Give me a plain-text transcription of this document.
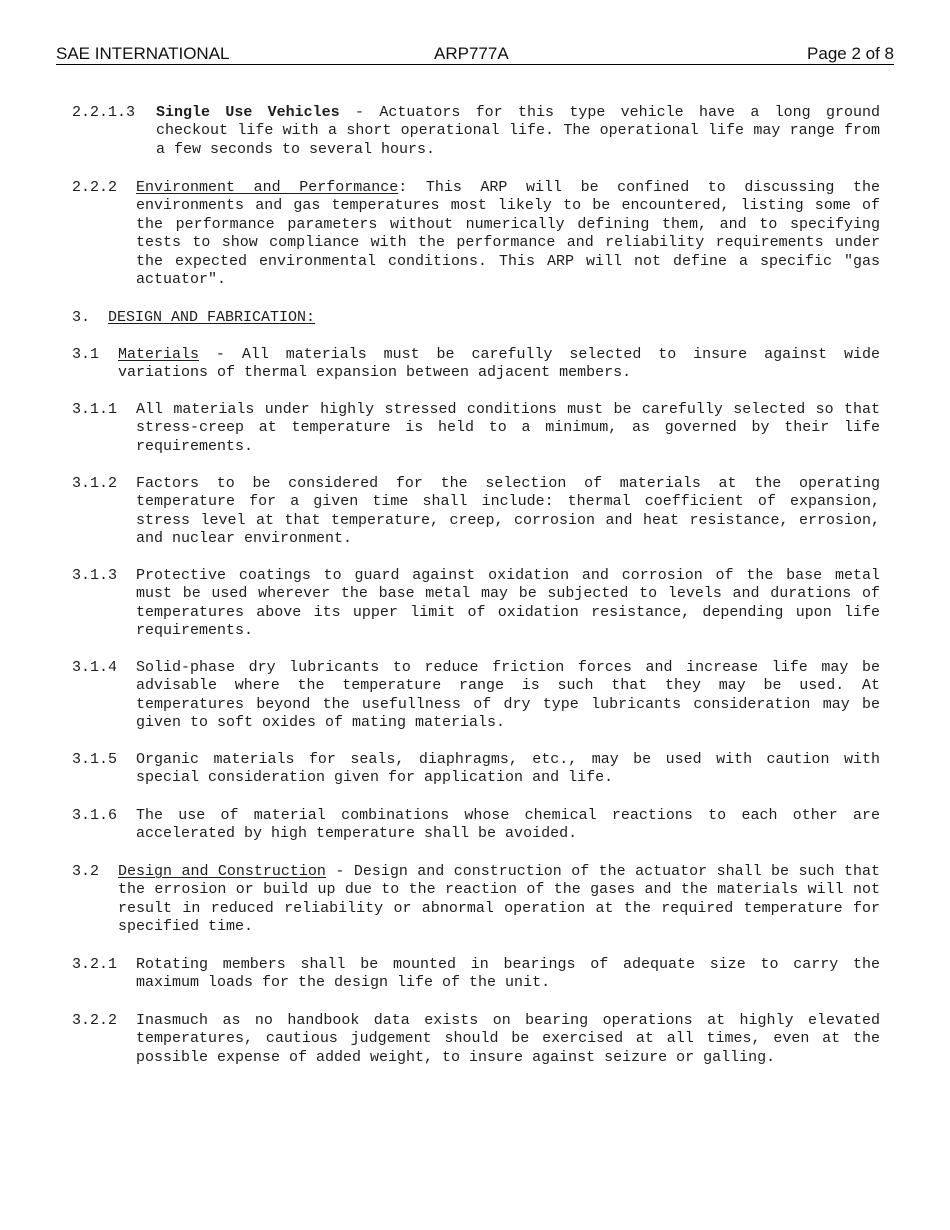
SAE INTERNATIONAL	ARP777A	Page 2 of 8
2.2.1.3 Single Use Vehicles - Actuators for this type vehicle have a long ground checkout life with a short operational life. The operational life may range from a few seconds to several hours.
2.2.2 Environment and Performance: This ARP will be confined to discussing the environments and gas temperatures most likely to be encountered, listing some of the performance parameters without numerically defining them, and to specifying tests to show compliance with the performance and reliability requirements under the expected environmental conditions. This ARP will not define a specific "gas actuator".
3. DESIGN AND FABRICATION:
3.1 Materials - All materials must be carefully selected to insure against wide variations of thermal expansion between adjacent members.
3.1.1 All materials under highly stressed conditions must be carefully selected so that stress-creep at temperature is held to a minimum, as governed by their life requirements.
3.1.2 Factors to be considered for the selection of materials at the operating temperature for a given time shall include: thermal coefficient of expansion, stress level at that temperature, creep, corrosion and heat resistance, errosion, and nuclear environment.
3.1.3 Protective coatings to guard against oxidation and corrosion of the base metal must be used wherever the base metal may be subjected to levels and durations of temperatures above its upper limit of oxidation resistance, depending upon life requirements.
3.1.4 Solid-phase dry lubricants to reduce friction forces and increase life may be advisable where the temperature range is such that they may be used. At temperatures beyond the usefullness of dry type lubricants consideration may be given to soft oxides of mating materials.
3.1.5 Organic materials for seals, diaphragms, etc., may be used with caution with special consideration given for application and life.
3.1.6 The use of material combinations whose chemical reactions to each other are accelerated by high temperature shall be avoided.
3.2 Design and Construction - Design and construction of the actuator shall be such that the errosion or build up due to the reaction of the gases and the materials will not result in reduced reliability or abnormal operation at the required temperature for specified time.
3.2.1 Rotating members shall be mounted in bearings of adequate size to carry the maximum loads for the design life of the unit.
3.2.2 Inasmuch as no handbook data exists on bearing operations at highly elevated temperatures, cautious judgement should be exercised at all times, even at the possible expense of added weight, to insure against seizure or galling.
